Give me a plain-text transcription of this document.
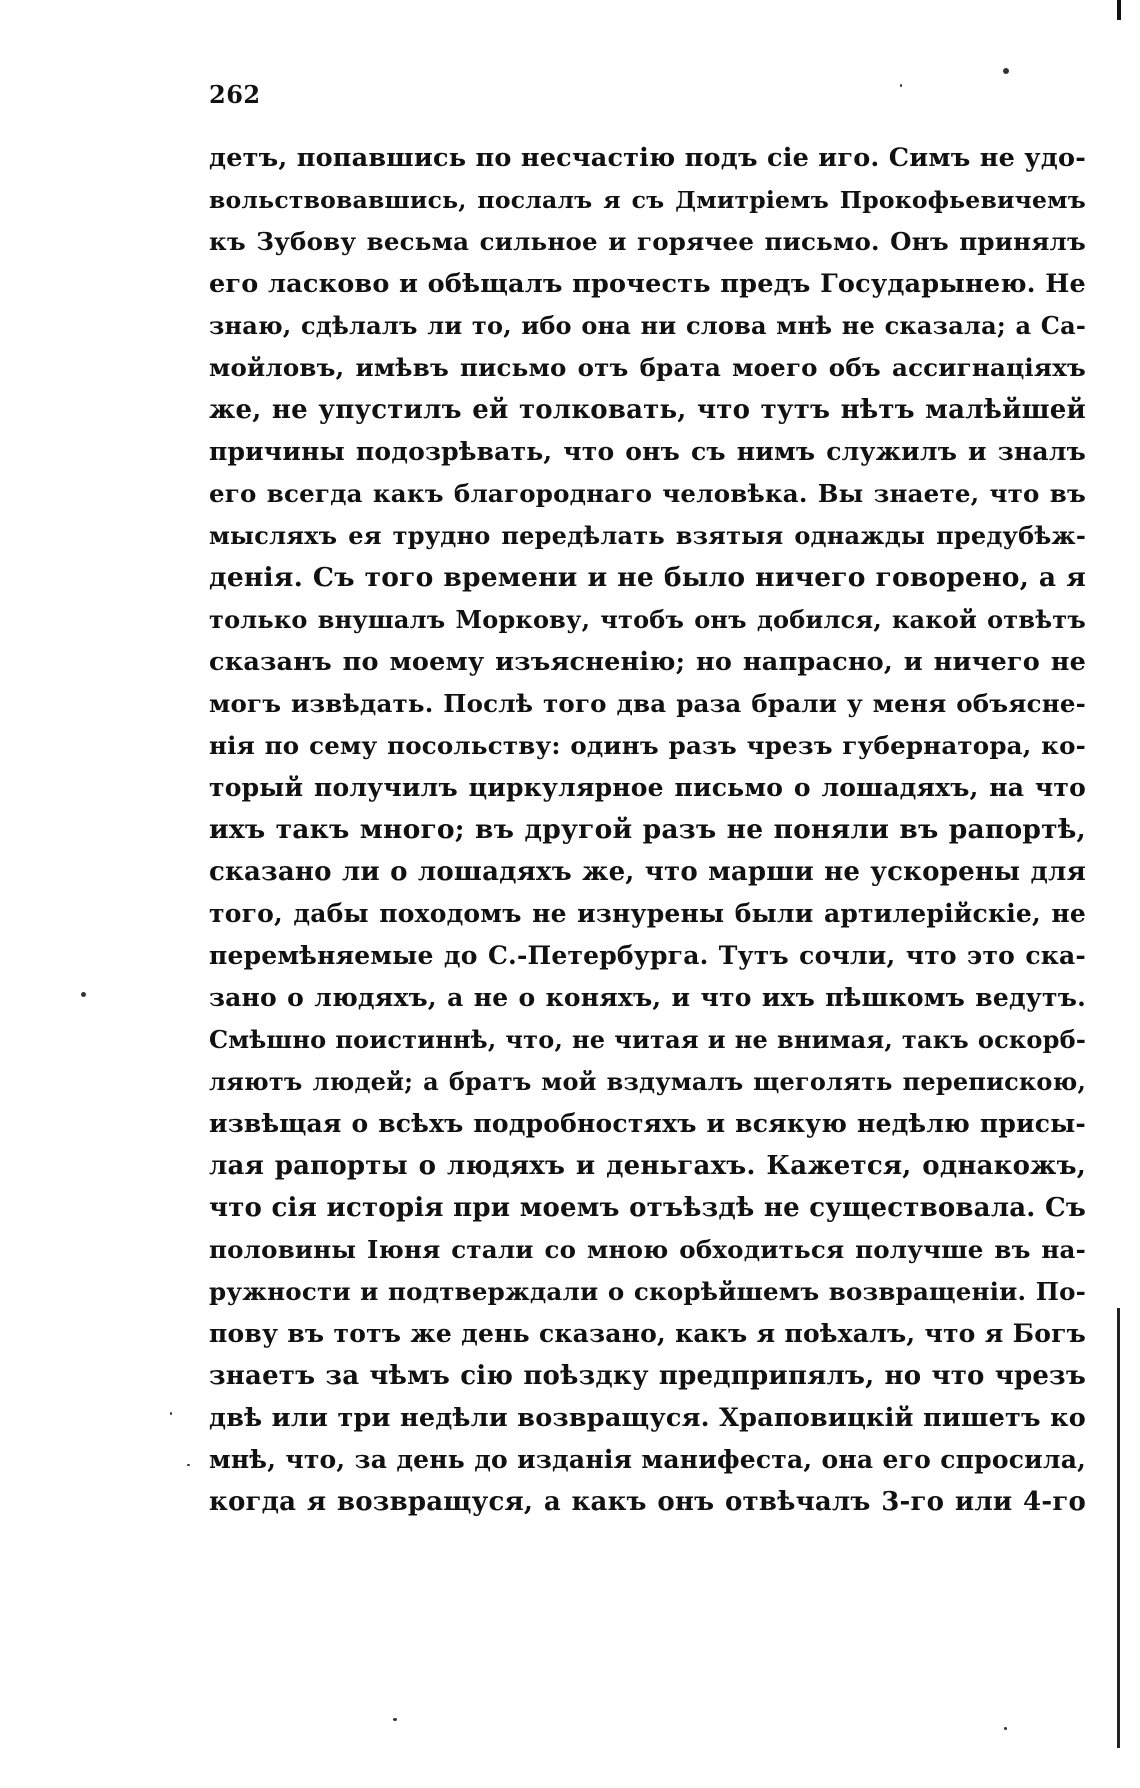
262
детъ, попавшись по несчастію подъ сіе иго. Симъ не удо-
вольствовавшись, послалъ я съ Дмитріемъ Прокофьевичемъ
къ Зубову весьма сильное и горячее письмо. Онъ принялъ
его ласково и обѣщалъ прочесть предъ Государынею. Не
знаю, сдѣлалъ ли то, ибо она ни слова мнѣ не сказала; а Са-
мойловъ, имѣвъ письмо отъ брата моего объ ассигнаціяхъ
же, не упустилъ ей толковать, что тутъ нѣтъ малѣйшей
причины подозрѣвать, что онъ съ нимъ служилъ и зналъ
его всегда какъ благороднаго человѣка. Вы знаете, что въ
мысляхъ ея трудно передѣлать взятыя однажды предубѣж-
денія. Съ того времени и не было ничего говорено, а я
только внушалъ Моркову, чтобъ онъ добился, какой отвѣтъ
сказанъ по моему изъясненію; но напрасно, и ничего не
могъ извѣдать. Послѣ того два раза брали у меня объясне-
нія по сему посольству: одинъ разъ чрезъ губернатора, ко-
торый получилъ циркулярное письмо о лошадяхъ, на что
ихъ такъ много; въ другой разъ не поняли въ рапортѣ,
сказано ли о лошадяхъ же, что марши не ускорены для
того, дабы походомъ не изнурены были артилерійскіе, не
перемѣняемые до С.-Петербурга. Тутъ сочли, что это ска-
зано о людяхъ, а не о коняхъ, и что ихъ пѣшкомъ ведутъ.
Смѣшно поистиннѣ, что, не читая и не внимая, такъ оскорб-
ляютъ людей; а братъ мой вздумалъ щеголять перепискою,
извѣщая о всѣхъ подробностяхъ и всякую недѣлю присы-
лая рапорты о людяхъ и деньгахъ. Кажется, однакожъ,
что сія исторія при моемъ отъѣздѣ не существовала. Съ
половины Іюня стали со мною обходиться получше въ на-
ружности и подтверждали о скорѣйшемъ возвращеніи. По-
пову въ тотъ же день сказано, какъ я поѣхалъ, что я Богъ
знаетъ за чѣмъ сію поѣздку предприпялъ, но что чрезъ
двѣ или три недѣли возвращуся. Храповицкій пишетъ ко
мнѣ, что, за день до изданія манифеста, она его спросила,
когда я возвращуся, а какъ онъ отвѣчалъ 3-го или 4-го
